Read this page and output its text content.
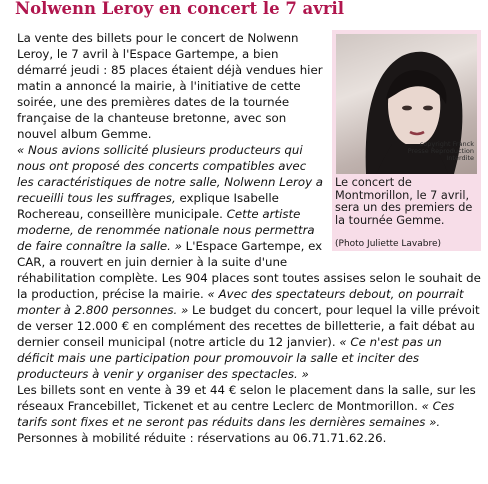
Nolwenn Leroy en concert le 7 avril
copyright Franck Presse Reproduction Interdite
Le concert de Montmorillon, le 7 avril, sera un des premiers de la tournée Gemme.
(Photo Juliette Lavabre)

La vente des billets pour le concert de Nolwenn Leroy, le 7 avril à l'Espace Gartempe, a bien démarré jeudi : 85 places étaient déjà vendues hier matin a annoncé la mairie, à l'initiative de cette soirée, une des premières dates de la tournée française de la chanteuse bretonne, avec son nouvel album Gemme.

« Nous avions sollicité plusieurs producteurs qui nous ont proposé des concerts compatibles avec les caractéristiques de notre salle, Nolwenn Leroy a recueilli tous les suffrages, explique Isabelle Rochereau, conseillère municipale. Cette artiste moderne, de renommée nationale nous permettra de faire connaître la salle. » L'Espace Gartempe, ex CAR, a rouvert en juin dernier à la suite d'une réhabilitation complète. Les 904 places sont toutes assises selon le souhait de la production, précise la mairie. « Avec des spectateurs debout, on pourrait monter à 2.800 personnes. » Le budget du concert, pour lequel la ville prévoit de verser 12.000 € en complément des recettes de billetterie, a fait débat au dernier conseil municipal (notre article du 12 janvier). « Ce n'est pas un déficit mais une participation pour promouvoir la salle et inciter des producteurs à venir y organiser des spectacles. »

Les billets sont en vente à 39 et 44 € selon le placement dans la salle, sur les réseaux Francebillet, Tickenet et au centre Leclerc de Montmorillon. « Ces tarifs sont fixes et ne seront pas réduits dans les dernières semaines ».

Personnes à mobilité réduite : réservations au 06.71.71.62.26.
